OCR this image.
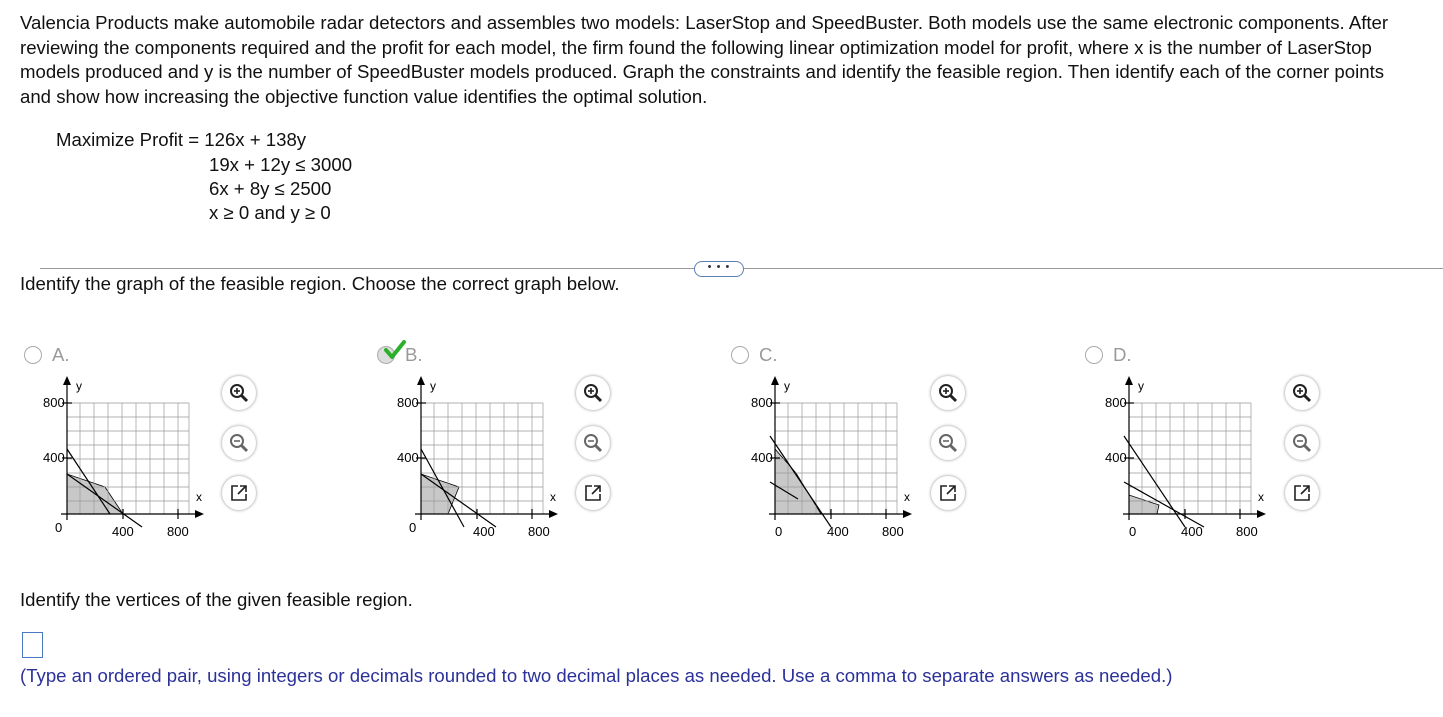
Valencia Products make automobile radar detectors and assembles two models: LaserStop and SpeedBuster. Both models use the same electronic components. After
reviewing the components required and the profit for each model, the firm found the following linear optimization model for profit, where x is the number of LaserStop
models produced and y is the number of SpeedBuster models produced. Graph the constraints and identify the feasible region. Then identify each of the corner points
and show how increasing the objective function value identifies the optimal solution.
Maximize Profit = 126x + 138y
19x + 12y ≤ 3000
6x + 8y ≤ 2500
x ≥ 0 and y ≥ 0
• • •
Identify the graph of the feasible region. Choose the correct graph below.
A.
y
x
800
400
0	400	800
B.
y
x
800
400
0	400	800
C.
y
x
800
400
0	400	800
D.
y
x
800
400
0	400	800
Identify the vertices of the given feasible region.
(Type an ordered pair, using integers or decimals rounded to two decimal places as needed. Use a comma to separate answers as needed.)
